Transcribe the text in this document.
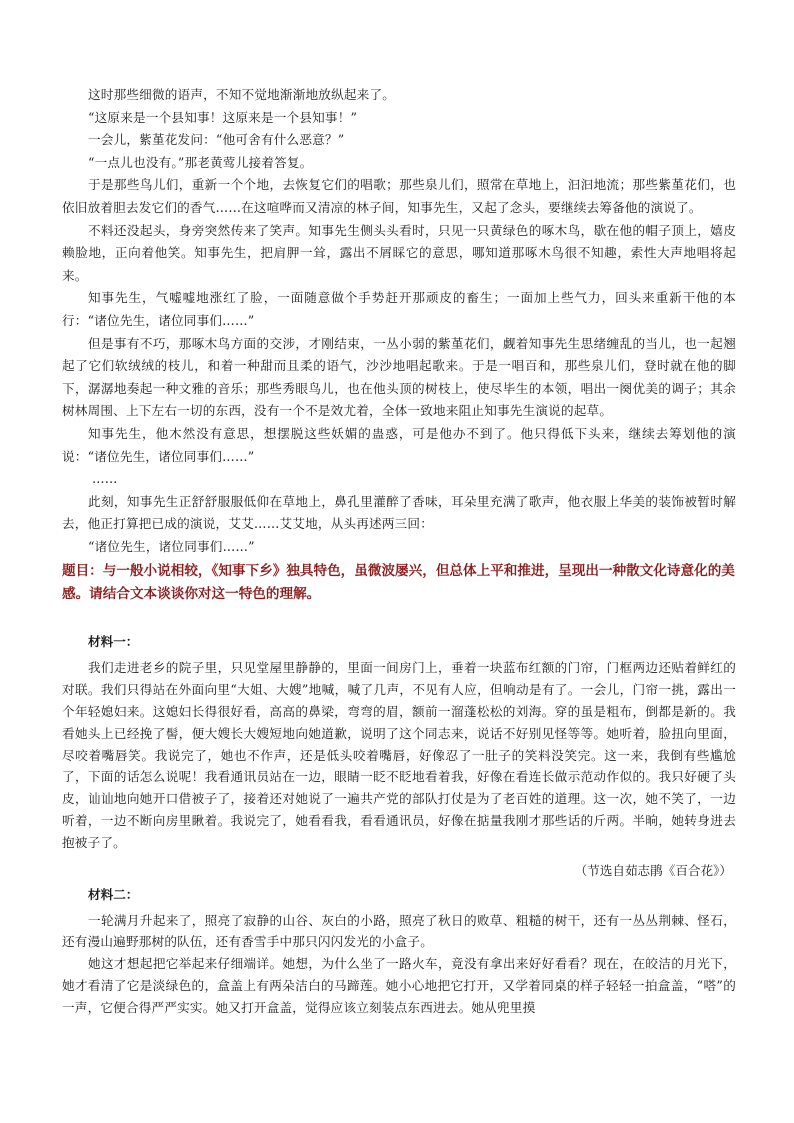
这时那些细微的语声，不知不觉地渐渐地放纵起来了。

“这原来是一个县知事！这原来是一个县知事！”

一会儿，紫堇花发问：“他可舍有什么恶意？”

“一点儿也没有。”那老黄莺儿接着答复。

于是那些鸟儿们，重新一个个地，去恢复它们的唱歌；那些泉儿们，照常在草地上，汩汩地流；那些紫堇花们，也依旧放着胆去发它们的香气……在这喧哗而又清凉的林子间，知事先生，又起了念头，要继续去筹备他的演说了。

不料还没起头，身旁突然传来了笑声。知事先生侧头头看时，只见一只黄绿色的啄木鸟，歇在他的帽子顶上，嬉皮赖脸地，正向着他笑。知事先生，把肩胛一耸，露出不屑睬它的意思，哪知道那啄木鸟很不知趣，索性大声地唱将起来。

知事先生，气嘘嘘地涨红了脸，一面随意做个手势赶开那顽皮的畜生；一面加上些气力，回头来重新干他的本行：“诸位先生，诸位同事们……”

但是事有不巧，那啄木鸟方面的交涉，才刚结束，一丛小弱的紫堇花们，觑着知事先生思绪缠乱的当儿，也一起翘起了它们软绒绒的枝儿，和着一种甜而且柔的语气，沙沙地唱起歌来。于是一唱百和，那些泉儿们，登时就在他的脚下，潺潺地奏起一种文雅的音乐；那些秀眼鸟儿，也在他头顶的树枝上，使尽毕生的本领，唱出一阕优美的调子；其余树林周围、上下左右一切的东西，没有一个不是效尤着，全体一致地来阻止知事先生演说的起草。

知事先生，他木然没有意思，想摆脱这些妖媚的蛊惑，可是他办不到了。他只得低下头来，继续去筹划他的演说：“诸位先生，诸位同事们……”

……

此刻，知事先生正舒舒服服低仰在草地上，鼻孔里灌醉了香味，耳朵里充满了歌声，他衣服上华美的装饰被暂时解去，他正打算把已成的演说，艾艾……艾艾地，从头再述两三回：

“诸位先生，诸位同事们……”

题目：与一般小说相较，《知事下乡》独具特色，虽微波屡兴，但总体上平和推进，呈现出一种散文化诗意化的美感。请结合文本谈谈你对这一特色的理解。

材料一：

我们走进老乡的院子里，只见堂屋里静静的，里面一间房门上，垂着一块蓝布红额的门帘，门框两边还贴着鲜红的对联。我们只得站在外面向里“大姐、大嫂”地喊，喊了几声，不见有人应，但响动是有了。一会儿，门帘一挑，露出一个年轻媳妇来。这媳妇长得很好看，高高的鼻梁，弯弯的眉，额前一溜蓬松松的刘海。穿的虽是粗布，倒都是新的。我看她头上已经挽了髻，便大嫂长大嫂短地向她道歉，说明了这个同志来，说话不好别见怪等等。她听着，脸扭向里面，尽咬着嘴唇笑。我说完了，她也不作声，还是低头咬着嘴唇，好像忍了一肚子的笑料没笑完。这一来，我倒有些尴尬了，下面的话怎么说呢！我看通讯员站在一边，眼睛一眨不眨地看着我，好像在看连长做示范动作似的。我只好硬了头皮，讪讪地向她开口借被子了，接着还对她说了一遍共产党的部队打仗是为了老百姓的道理。这一次，她不笑了，一边听着，一边不断向房里瞅着。我说完了，她看看我，看看通讯员，好像在掂量我刚才那些话的斤两。半晌，她转身进去抱被子了。

（节选自茹志鹃《百合花》）

材料二：

一轮满月升起来了，照亮了寂静的山谷、灰白的小路，照亮了秋日的败草、粗糙的树干，还有一丛丛荆棘、怪石，还有漫山遍野那树的队伍，还有香雪手中那只闪闪发光的小盒子。

她这才想起把它举起来仔细端详。她想，为什么坐了一路火车，竟没有拿出来好好看看？现在，在皎洁的月光下，她才看清了它是淡绿色的，盒盖上有两朵洁白的马蹄莲。她小心地把它打开，又学着同桌的样子轻轻一拍盒盖，“嗒”的一声，它便合得严严实实。她又打开盒盖，觉得应该立刻装点东西进去。她从兜里摸
